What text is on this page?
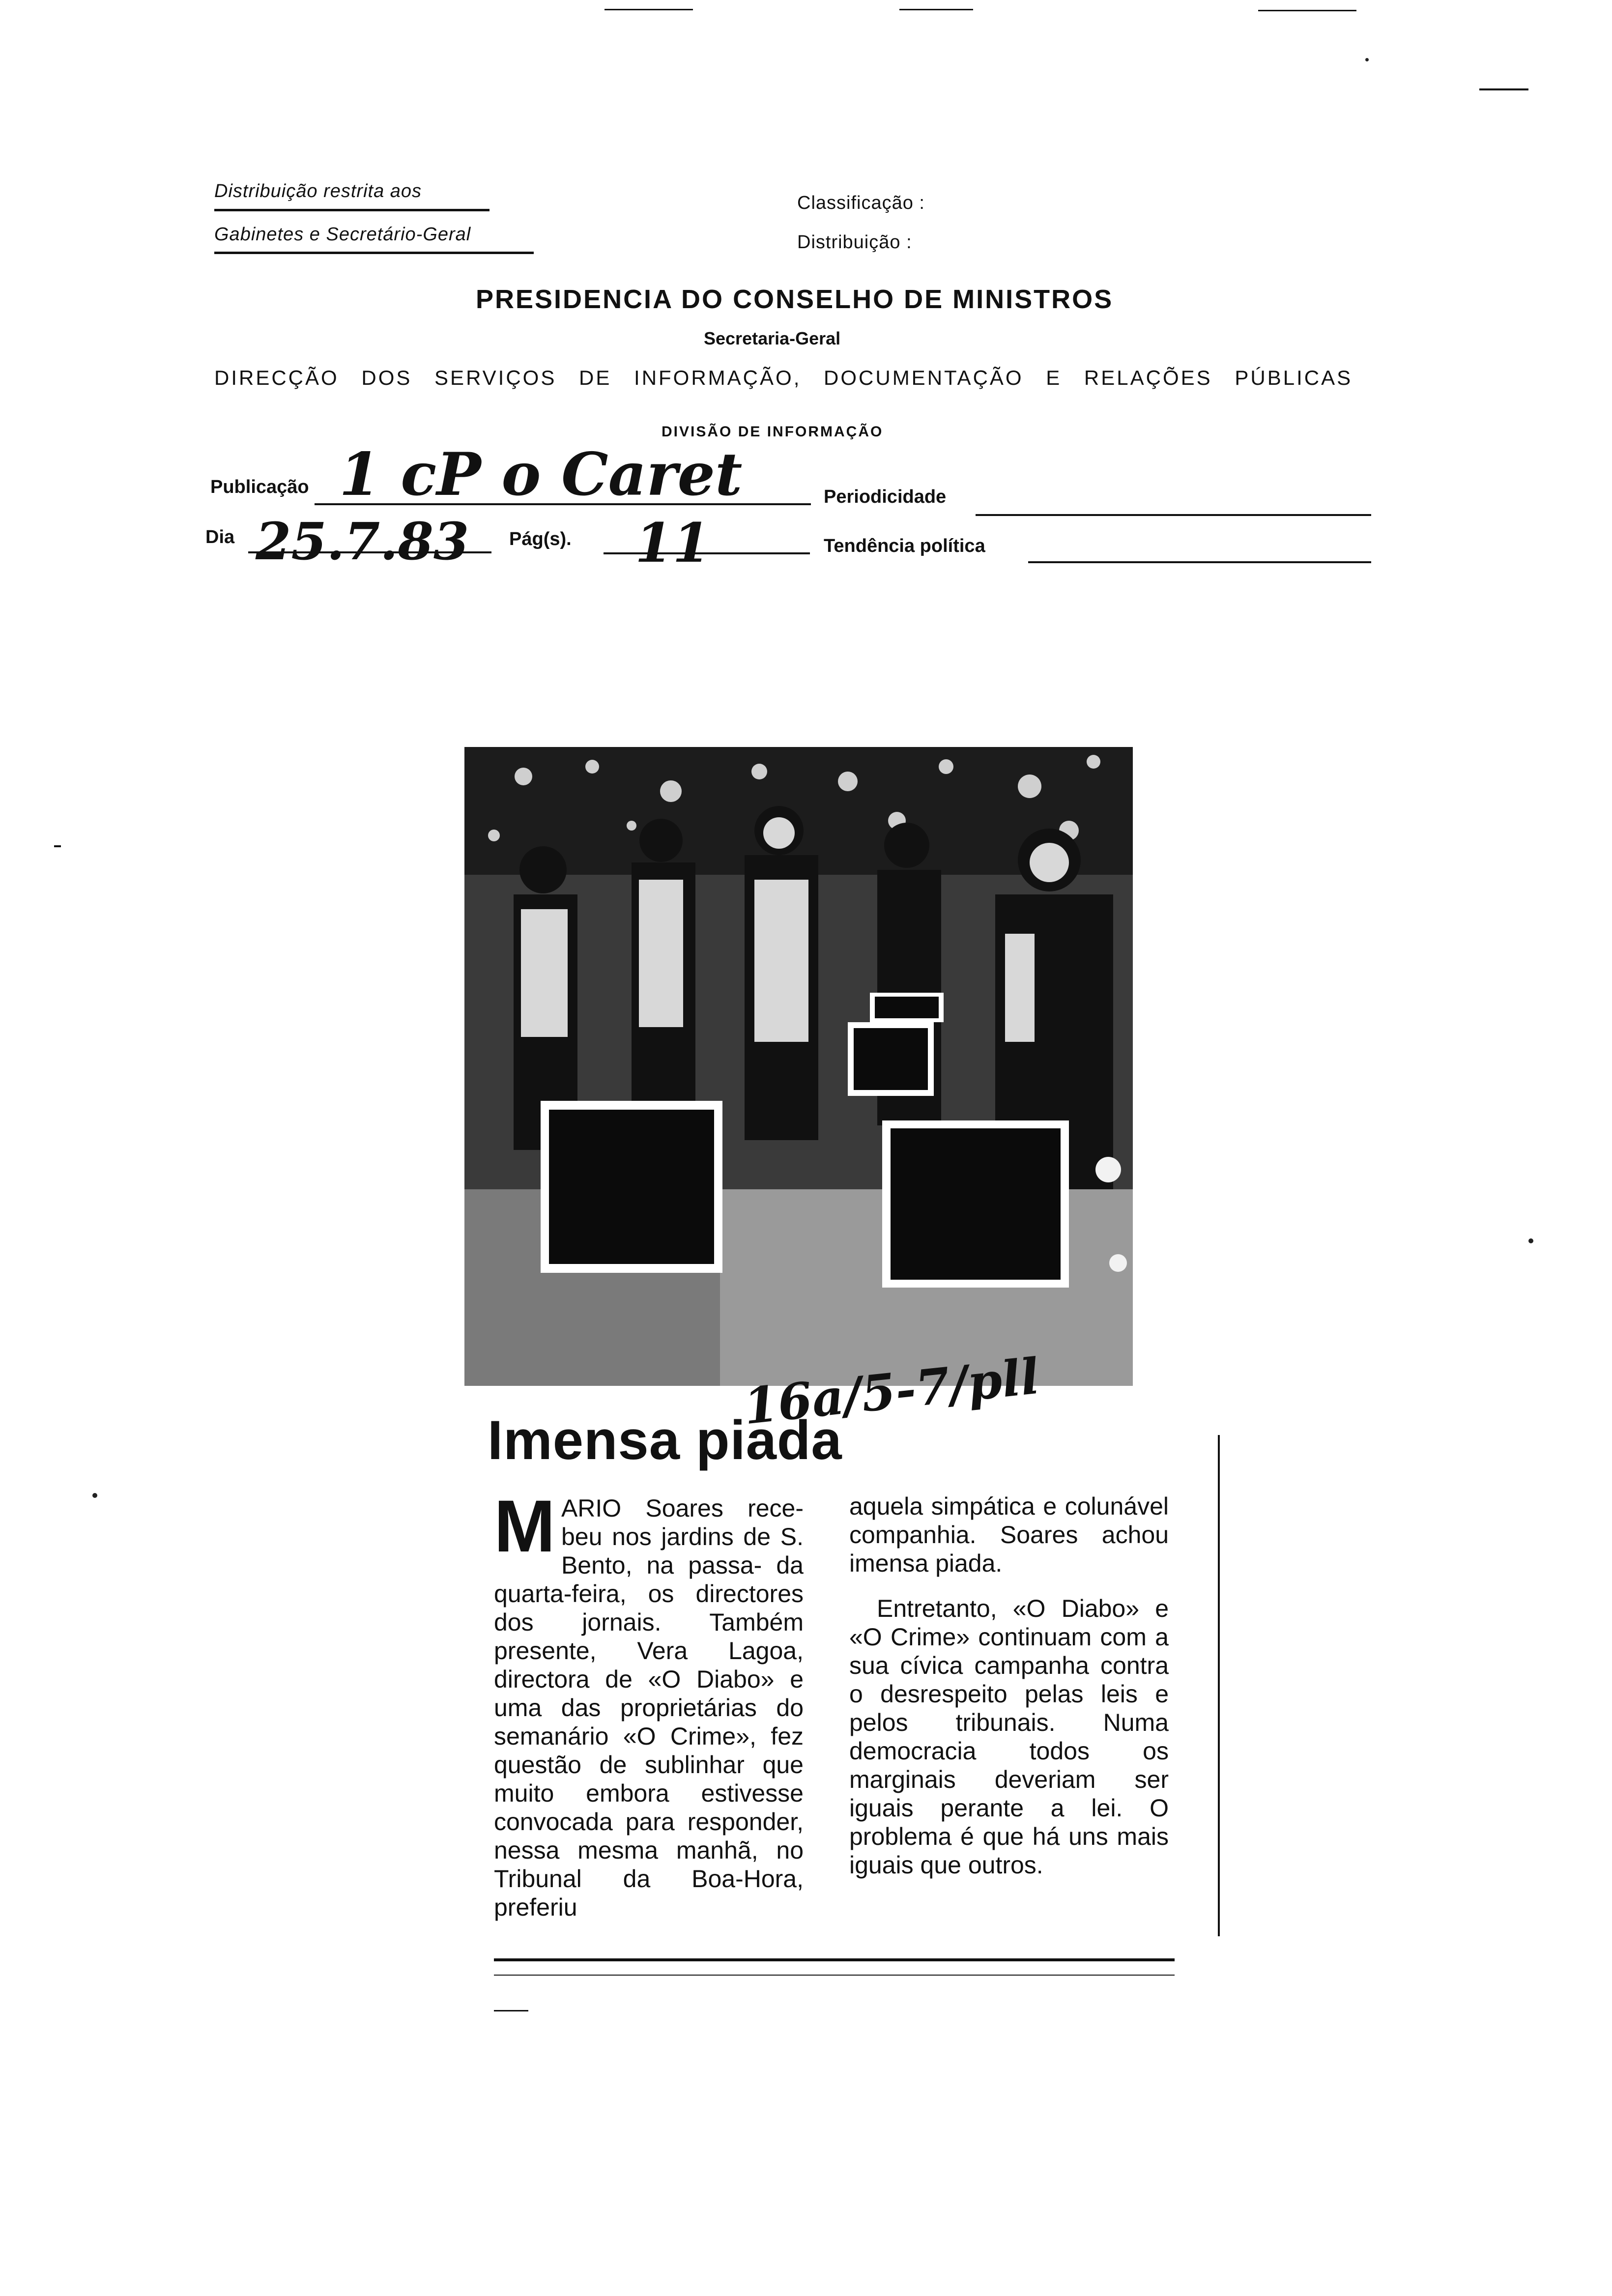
Distribuição restrita aos
Gabinetes e Secretário-Geral
Classificação :
Distribuição :
PRESIDENCIA DO CONSELHO DE MINISTROS
Secretaria-Geral
DIRECÇÃO DOS SERVIÇOS DE INFORMAÇÃO, DOCUMENTAÇÃO E RELAÇÕES PÚBLICAS
DIVISÃO DE INFORMAÇÃO
Publicação 1 cP o Caret	Periodicidade
Dia 25.7.83 Pág(s). 11	Tendência política
16a/5-7/pll
Imensa piada
M ARIO Soares rece-beu nos jardins de S. Bento, na passa- da quarta-feira, os directores dos jornais. Também presente, Vera Lagoa, directora de «O Diabo» e uma das proprietárias do semanário «O Crime», fez questão de sublinhar que muito embora estivesse convocada para responder, nessa mesma manhã, no Tribunal da Boa-Hora, preferiu

aquela simpática e colunável companhia. Soares achou imensa piada.

Entretanto, «O Diabo» e «O Crime» continuam com a sua cívica campanha contra o desrespeito pelas leis e pelos tribunais. Numa democracia todos os marginais deveriam ser iguais perante a lei. O problema é que há uns mais iguais que outros.
